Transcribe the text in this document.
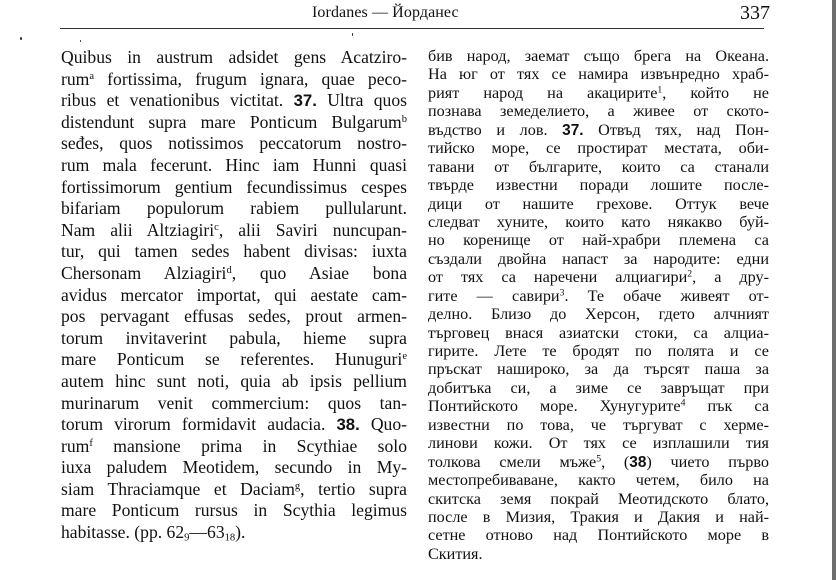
Iordanes — Йорданес	337
Quibus in austrum adsidet gens Acatziro-
rum$^a$ fortissima, frugum ignara, quae peco-
ribus et venationibus victitat. 37. Ultra quos
distendunt supra mare Ponticum Bulgarum$^b$
seđes, quos notissimos peccatorum nostro-
rum mala fecerunt. Hinc iam Hunni quasi
fortissimorum gentium fecundissimus cespes
bifariam populorum rabiem pullularunt.
Nam alii Altziagiri$^c$, alii Saviri nuncupan-
tur, qui tamen sedes habent divisas: iuxta
Chersonam Alziagiri$^d$, quo Asiae bona
avidus mercator importat, qui aestate cam-
pos pervagant effusas sedes, prout armen-
torum invitaverint pabula, hieme supra
mare Ponticum se referentes. Hunuguri$^e$
autem hinc sunt noti, quia ab ipsis pellium
murinarum venit commercium: quos tan-
torum virorum formidavit audacia. 38. Quo-
rum$^f$ mansione prima in Scythiae solo
iuxa paludem Meotidem, secundo in My-
siam Thraciamque et Daciam$^g$, tertio supra
mare Ponticum rursus in Scythia legimus
habitasse. (pp. $62_9—63_{18}$).
бив народ, заемат също брега на Океана.
На юг от тях се намира извънредно храб-
рият народ на акацирите$^1$, който не
познава земеделието, а живее от ското-
въдство и лов. 37. Отвъд тях, над Пон-
тийско море, се простират местата, оби-
тавани от българите, които са станали
твърде известни поради лошите после-
дици от нашите грехове. Оттук вече
следват хуните, които като някакво буй-
но коренище от най-храбри племена са
създали двойна напаст за народите: едни
от тях са наречени алциагири$^2$, а дру-
гите — савири$^3$. Те обаче живеят от-
делно. Близо до Херсон, гдето алчният
търговец внася азиатски стоки, са алциа-
гирите. Лете те бродят по полята и се
пръскат нашироко, за да търсят паша за
добитъка си, а зиме се завръщат при
Понтийското море. Хунугурите$^4$ пък са
известни по това, че търгуват с херме-
линови кожи. От тях се изплашили тия
толкова смели мъже$^5$, (38) чието първо
местопребиваване, както четем, било на
скитска земя покрай Меотидското блато,
после в Мизия, Тракия и Дакия и най-
сетне отново над Понтийското море в
Скития.
